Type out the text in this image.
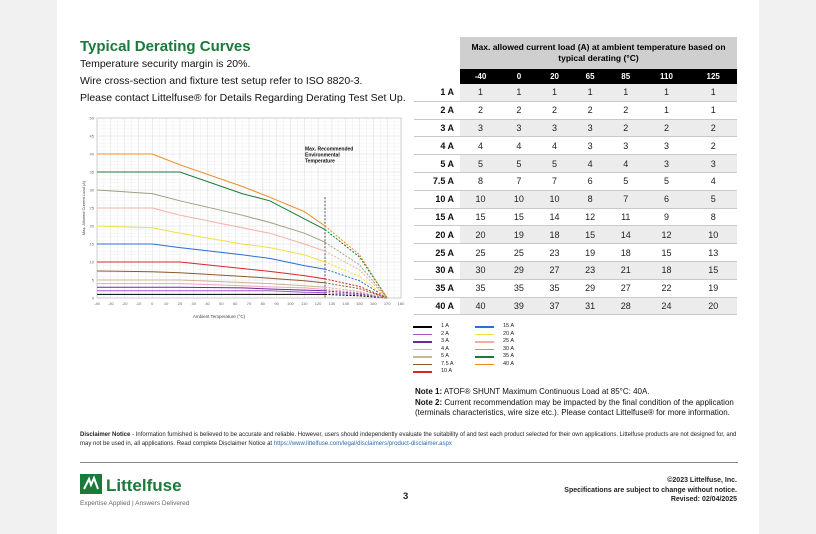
Typical Derating Curves
Temperature security margin is 20%.
Wire cross-section and fixture test setup refer to ISO 8820-3.
Please contact Littelfuse® for Details Regarding Derating Test Set Up.
-40 -30 -20 -10 0	10 20 30 40 50 60 70 80 90 100 110 120 130 140 150 160 170 180
0
5
10
15
20
25
30
35
40
45
50
Ambient Temperature (°C)
Max. Allowed Current Load (A)
Max. Recommended
Environmental
Temperature
1 A
2 A
3 A
4 A
5 A
7.5 A
10 A
15 A
20 A
25 A
30 A
35 A
40 A
	Max. allowed current load (A) at ambient temperature based on typical derating (°C)						
	-40	0	20	65	85	110	125
1 A	1	1	1	1	1	1	1
2 A	2	2	2	2	2	1	1
3 A	3	3	3	3	2	2	2
4 A	4	4	4	3	3	3	2
5 A	5	5	5	4	4	3	3
7.5 A	8	7	7	6	5	5	4
10 A	10	10	10	8	7	6	5
15 A	15	15	14	12	11	9	8
20 A	20	19	18	15	14	12	10
25 A	25	25	23	19	18	15	13
30 A	30	29	27	23	21	18	15
35 A	35	35	35	29	27	22	19
40 A	40	39	37	31	28	24	20
Note 1: ATOF® SHUNT Maximum Continuous Load at 85°C: 40A.
Note 2: Current recommendation may be impacted by the final condition of the application (terminals characteristics, wire size etc.). Please contact Littelfuse® for more information.
Disclaimer Notice - Information furnished is believed to be accurate and reliable. However, users should independently evaluate the suitability of and test each product selected for their own applications. Littelfuse products are not designed for, and may not be used in, all applications. Read complete Disclaimer Notice at https://www.littelfuse.com/legal/disclaimers/product-disclaimer.aspx
Littelfuse
Expertise Applied | Answers Delivered
3
©2023 Littelfuse, Inc.
Specifications are subject to change without notice.
Revised: 02/04/2025
